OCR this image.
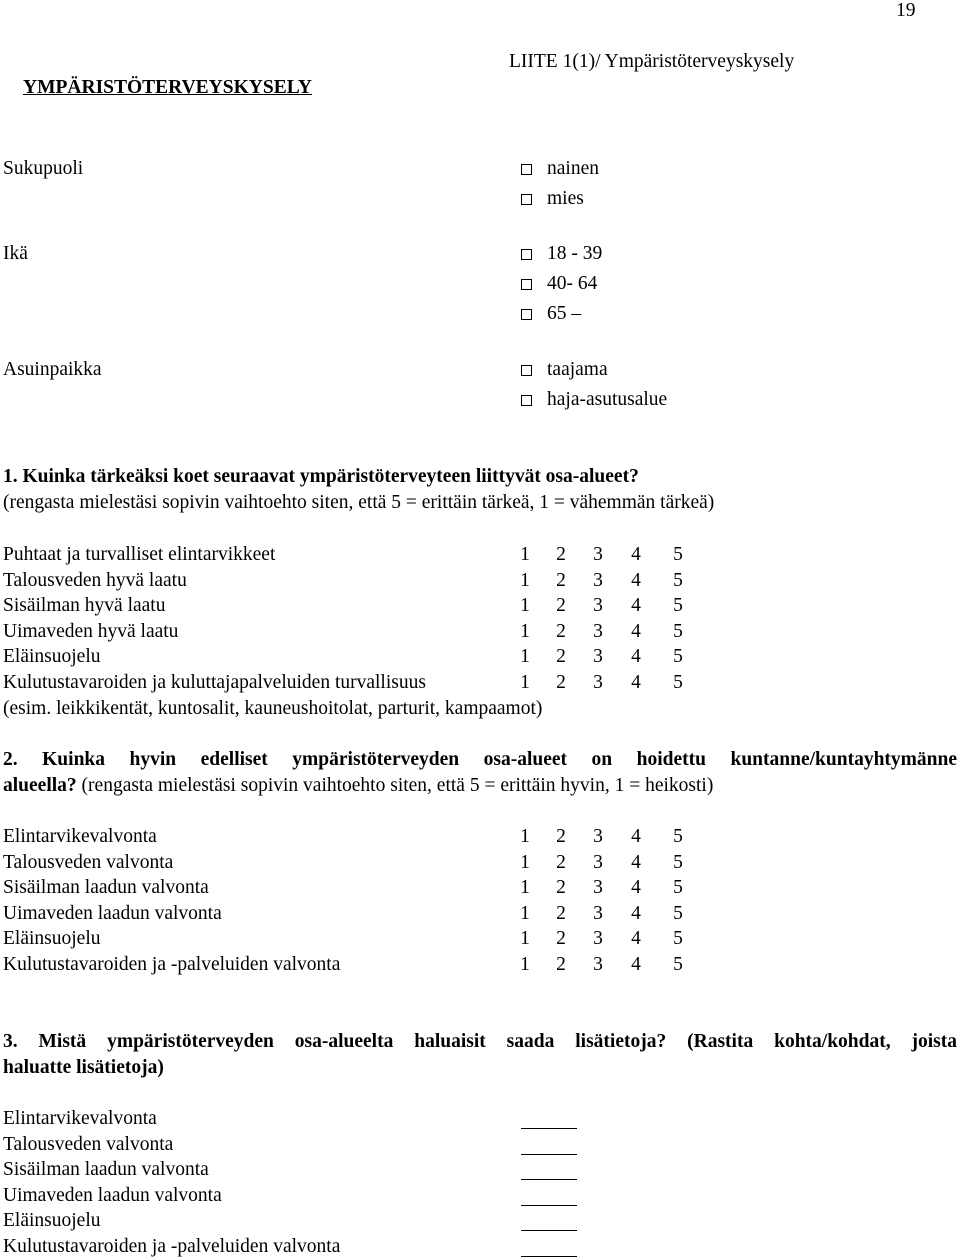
19
LIITE 1(1)/ Ympäristöterveyskysely
YMPÄRISTÖTERVEYSKYSELY
Sukupuoli	nainen
mies
Ikä	18 - 39
40- 64
65 –
Asuinpaikka	taajama
haja-asutusalue
1. Kuinka tärkeäksi koet seuraavat ympäristöterveyteen liittyvät osa-alueet?
(rengasta mielestäsi sopivin vaihtoehto siten, että 5 = erittäin tärkeä, 1 = vähemmän tärkeä)
Puhtaat ja turvalliset elintarvikkeet	1 2 3 4 5
Talousveden hyvä laatu	1 2 3 4 5
Sisäilman hyvä laatu	1 2 3 4 5
Uimaveden hyvä laatu	1 2 3 4 5
Eläinsuojelu	1 2 3 4 5
Kulutustavaroiden ja kuluttajapalveluiden turvallisuus	1 2 3 4 5
(esim. leikkikentät, kuntosalit, kauneushoitolat, parturit, kampaamot)
2. Kuinka hyvin edelliset ympäristöterveyden osa-alueet on hoidettu kuntanne/kuntayhtymänne
alueella? (rengasta mielestäsi sopivin vaihtoehto siten, että 5 = erittäin hyvin, 1 = heikosti)
Elintarvikevalvonta	1 2 3 4 5
Talousveden valvonta	1 2 3 4 5
Sisäilman laadun valvonta	1 2 3 4 5
Uimaveden laadun valvonta	1 2 3 4 5
Eläinsuojelu	1 2 3 4 5
Kulutustavaroiden ja -palveluiden valvonta	1 2 3 4 5
3. Mistä ympäristöterveyden osa-alueelta haluaisit saada lisätietoja? (Rastita kohta/kohdat, joista
haluatte lisätietoja)
Elintarvikevalvonta
Talousveden valvonta
Sisäilman laadun valvonta
Uimaveden laadun valvonta
Eläinsuojelu
Kulutustavaroiden ja -palveluiden valvonta
